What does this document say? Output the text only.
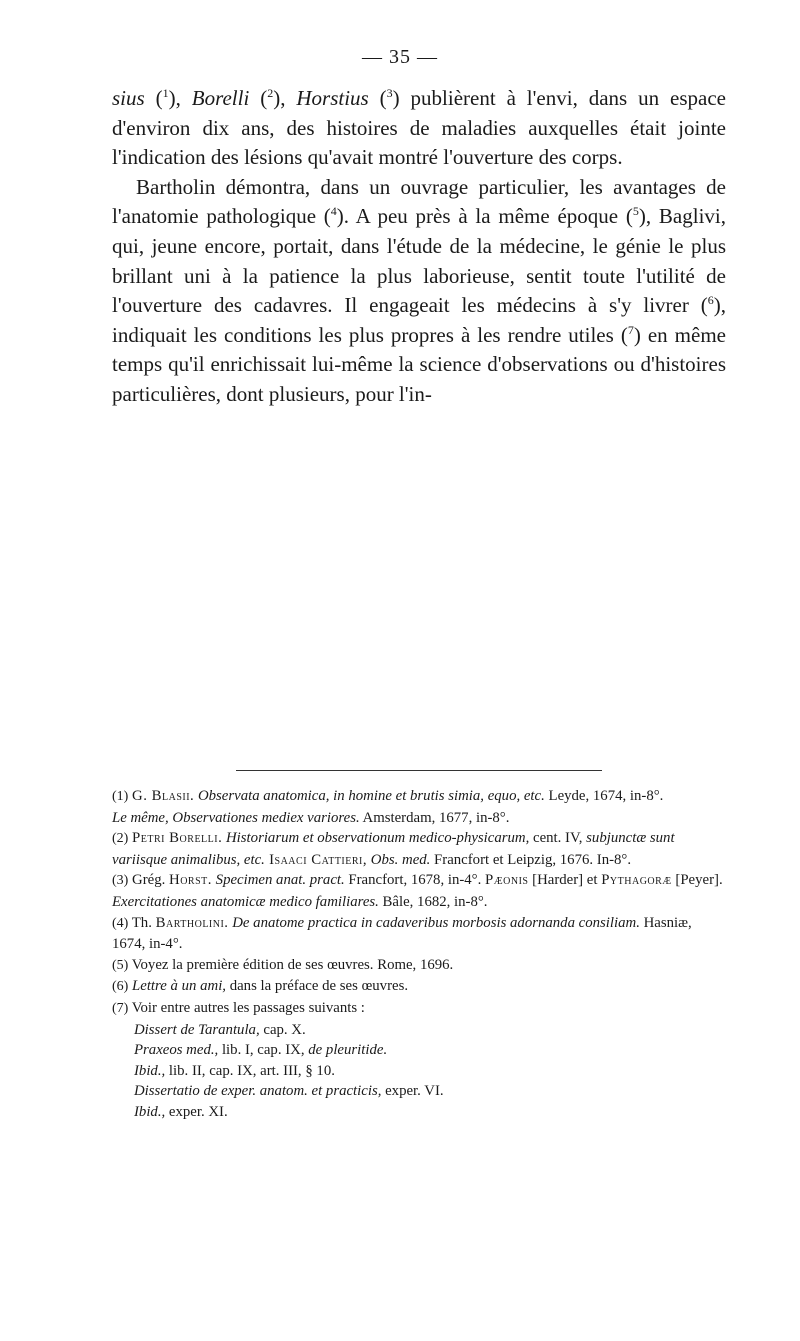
— 35 —

sius ($^1$), Borelli ($^2$), Horstius ($^3$) publièrent à l'envi, dans un espace d'environ dix ans, des histoires de maladies auxquelles était jointe l'indication des lésions qu'avait montré l'ouverture des corps.

Bartholin démontra, dans un ouvrage particulier, les avantages de l'anatomie pathologique ($^4$). A peu près à la même époque ($^5$), Baglivi, qui, jeune encore, portait, dans l'étude de la médecine, le génie le plus brillant uni à la patience la plus laborieuse, sentit toute l'utilité de l'ouverture des cadavres. Il engageait les médecins à s'y livrer ($^6$), indiquait les conditions les plus propres à les rendre utiles ($^7$) en même temps qu'il enrichissait lui-même la science d'observations ou d'histoires particulières, dont plusieurs, pour l'in-

(1) G. Blasii. Observata anatomica, in homine et brutis simia, equo, etc. Leyde, 1674, in-8°.
Le même, Observationes mediex variores. Amsterdam, 1677, in-8°.

(2) Petri Borelli. Historiarum et observationum medico-physicarum, cent. IV, subjunctæ sunt variisque animalibus, etc. Isaaci Cattieri, Obs. med. Francfort et Leipzig, 1676. In-8°.

(3) Grég. Horst. Specimen anat. pract. Francfort, 1678, in-4°. Pæonis [Harder] et Pythagoræ [Peyer]. Exercitationes anatomicæ medico familiares. Bâle, 1682, in-8°.

(4) Th. Bartholini. De anatome practica in cadaveribus morbosis adornanda consiliam. Hasniæ, 1674, in-4°.

(5) Voyez la première édition de ses œuvres. Rome, 1696.

(6) Lettre à un ami, dans la préface de ses œuvres.

(7) Voir entre autres les passages suivants :

Dissert de Tarantula, cap. X.

Praxeos med., lib. I, cap. IX, de pleuritide.

Ibid., lib. II, cap. IX, art. III, § 10.

Dissertatio de exper. anatom. et practicis, exper. VI.

Ibid., exper. XI.
